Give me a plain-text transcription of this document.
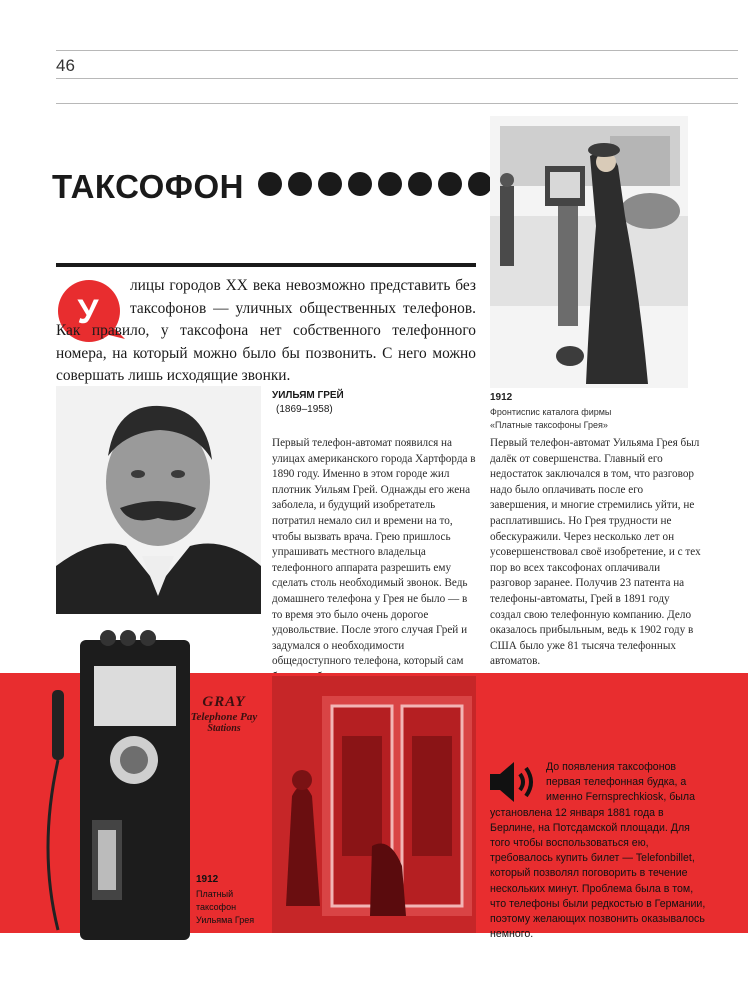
46
ТАКСОФОН
1912
Фронтиспис каталога фирмы «Платные таксофоны Грея»
У
лицы городов XX века невозможно представить без таксофонов — уличных общественных телефонов. Как правило, у таксофона нет собственного телефонного номера, на который можно было бы позвонить. С него можно совершать лишь исходящие звонки.
УИЛЬЯМ ГРЕЙ
(1869–1958)
Первый телефон-автомат появился на улицах американского города Хартфорда в 1890 году. Именно в этом городе жил плотник Уильям Грей. Однажды его жена заболела, и будущий изобретатель потратил немало сил и времени на то, чтобы вызвать врача. Грею пришлось упрашивать местного владельца телефонного аппарата разрешить ему сделать столь необходимый звонок. Ведь домашнего телефона у Грея не было — в то время это было очень дорогое удовольствие. После этого случая Грей и задумался о необходимости общедоступного телефона, который сам
Первый телефон-автомат Уильяма Грея был далёк от совершенства. Главный его недостаток заключался в том, что разговор надо было оплачивать после его завершения, и многие стремились уйти, не расплатившись. Но Грея трудности не обескуражили. Через несколько лет он усовершенствовал своё изобретение, и с тех пор во всех таксофонах оплачивали разговор заранее. Получив 23 патента на телефоны-автоматы, Грей в 1891 году создал свою телефонную компанию. Дело оказалось прибыльным, ведь к 1902 году в США было уже 81 тысяча телефонных автоматов.
GRAY
Telephone Pay
Stations
1912
Платный таксофон Уильяма Грея
До появления таксофонов первая телефонная будка, а именно Fernsprechkiosk, была установлена 12 января 1881 года в Берлине, на Потсдамской площади. Для того чтобы воспользоваться ею, требовалось купить билет — Telefonbillet, который позволял поговорить в течение нескольких минут. Проблема была в том, что телефоны были редкостью в Германии, поэтому желающих позвонить оказывалось немного.
